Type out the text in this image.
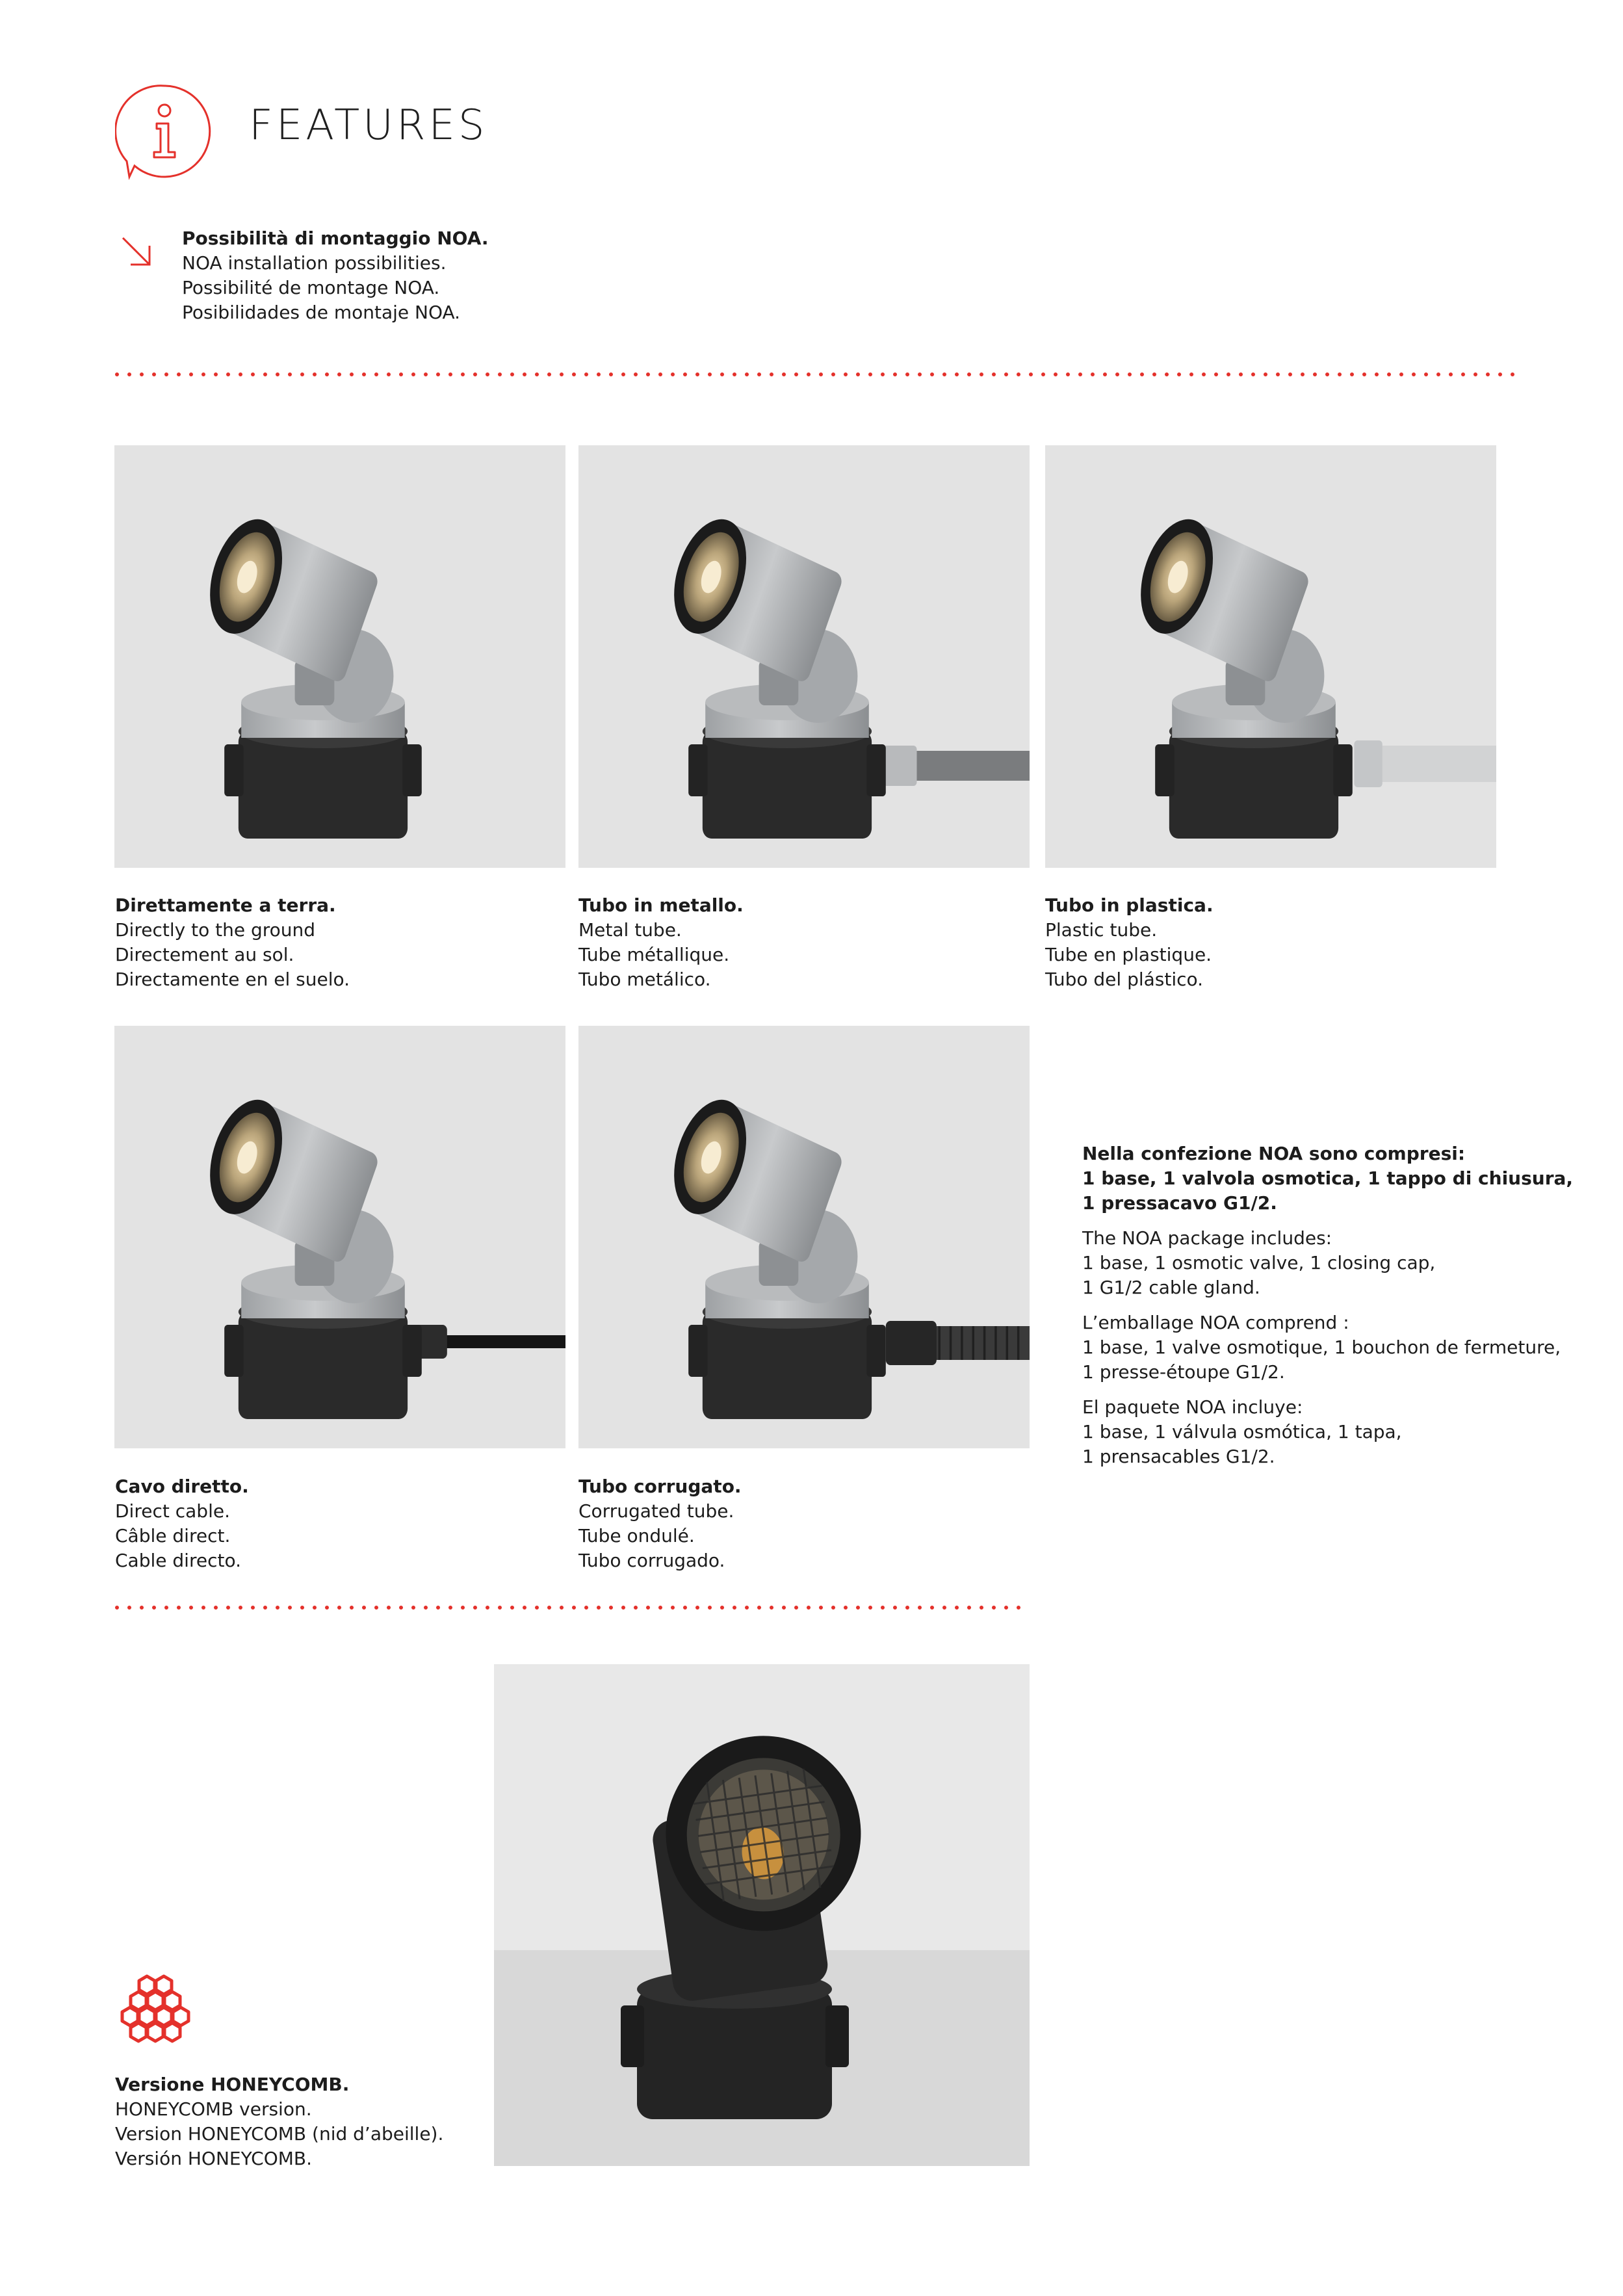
FEATURES
Possibilità di montaggio NOA.
NOA installation possibilities.
Possibilité de montage NOA.
Posibilidades de montaje NOA.
Direttamente a terra.
Directly to the ground
Directement au sol.
Directamente en el suelo.
Tubo in metallo.
Metal tube.
Tube métallique.
Tubo metálico.
Tubo in plastica.
Plastic tube.
Tube en plastique.
Tubo del plástico.
Cavo diretto.
Direct cable.
Câble direct.
Cable directo.
Tubo corrugato.
Corrugated tube.
Tube ondulé.
Tubo corrugado.
Nella confezione NOA sono compresi:
1 base, 1 valvola osmotica, 1 tappo di chiusura,
1 pressacavo G1/2.
The NOA package includes:
1 base, 1 osmotic valve, 1 closing cap,
1 G1/2 cable gland.
L’emballage NOA comprend :
1 base, 1 valve osmotique, 1 bouchon de fermeture,
1 presse-étoupe G1/2.
El paquete NOA incluye:
1 base, 1 válvula osmótica, 1 tapa,
1 prensacables G1/2.
Versione HONEYCOMB.
HONEYCOMB version.
Version HONEYCOMB (nid d’abeille).
Versión HONEYCOMB.
